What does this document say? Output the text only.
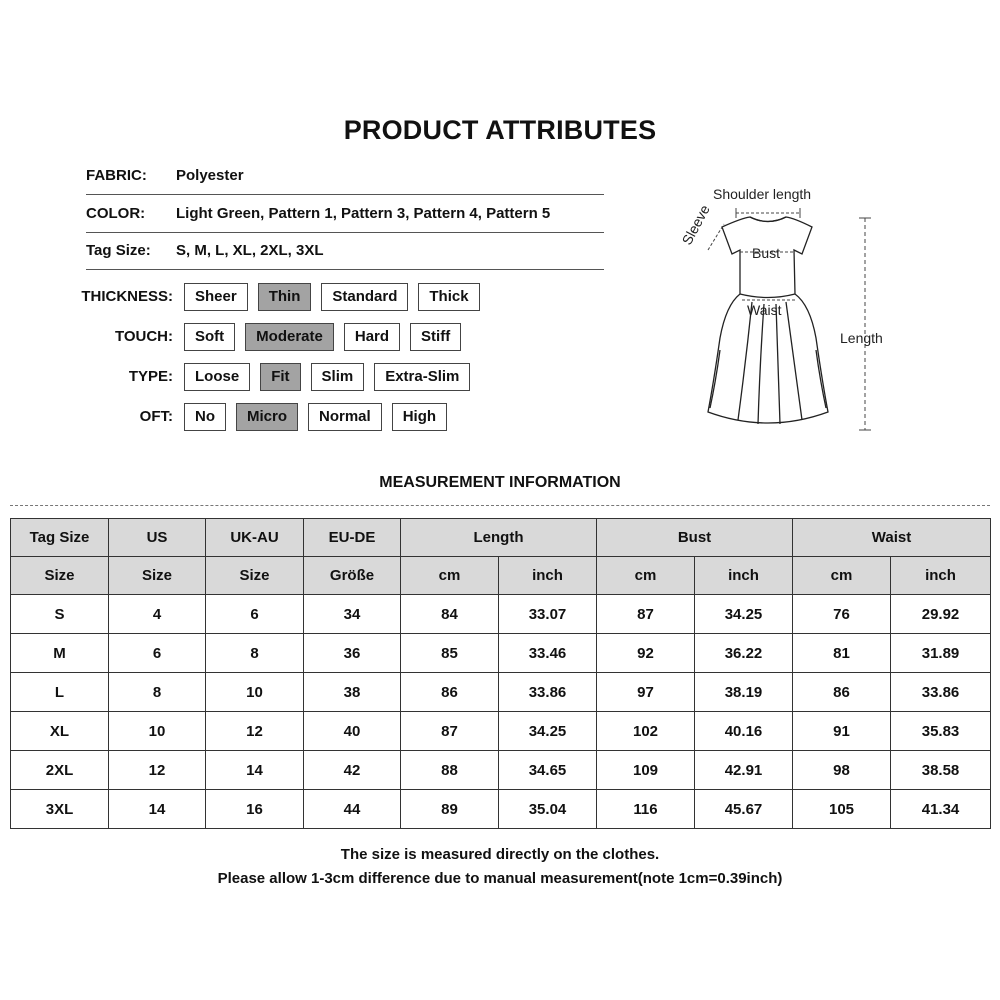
PRODUCT ATTRIBUTES
FABRIC:	Polyester
COLOR:	Light Green, Pattern 1, Pattern 3, Pattern 4, Pattern 5
Tag Size:	S, M, L, XL, 2XL, 3XL
THICKNESS:	Sheer	Thin	Standard	Thick
TOUCH:	Soft	Moderate	Hard	Stiff
TYPE:	Loose	Fit	Slim	Extra-Slim
OFT:	No	Micro	Normal	High
Shoulder length
Sleeve
Bust
Waist
Length
MEASUREMENT INFORMATION
Tag Size	US	UK-AU	EU-DE	Length		Bust		Waist	
Size	Size	Size	Größe	cm	inch	cm	inch	cm	inch
S	4	6	34	84	33.07	87	34.25	76	29.92
M	6	8	36	85	33.46	92	36.22	81	31.89
L	8	10	38	86	33.86	97	38.19	86	33.86
XL	10	12	40	87	34.25	102	40.16	91	35.83
2XL	12	14	42	88	34.65	109	42.91	98	38.58
3XL	14	16	44	89	35.04	116	45.67	105	41.34
The size is measured directly on the clothes.
Please allow 1-3cm difference due to manual measurement(note 1cm=0.39inch)
